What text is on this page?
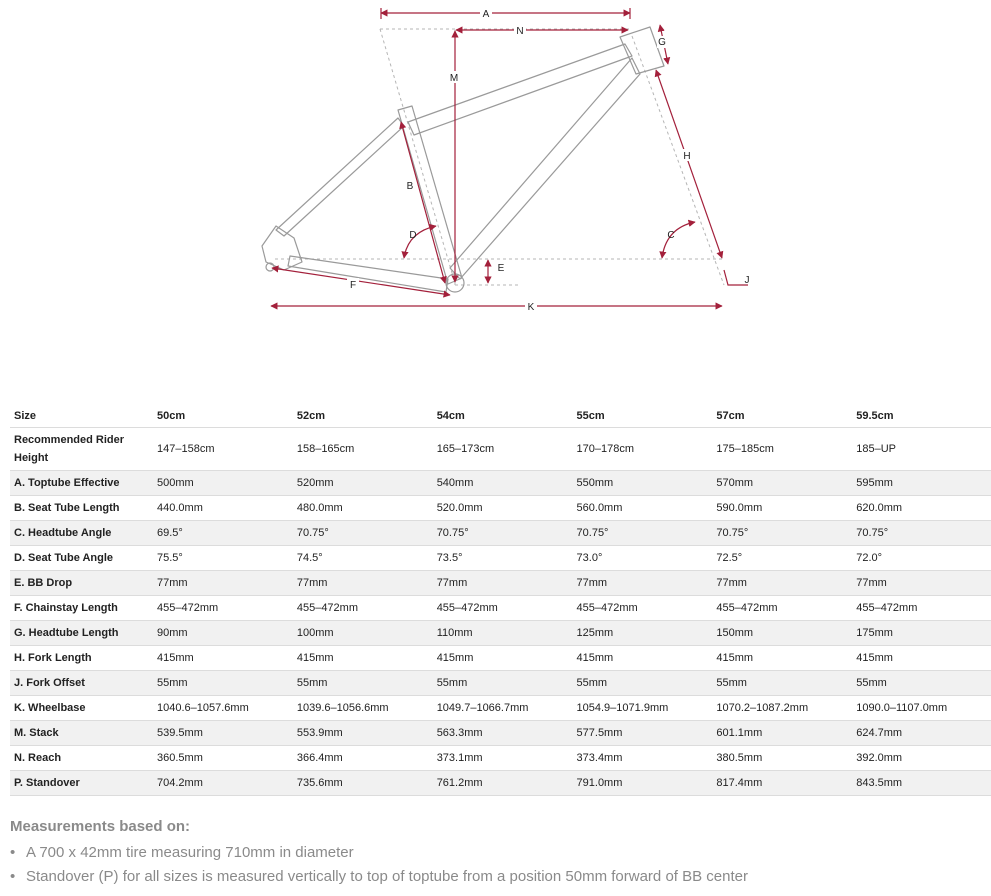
A
N
M
G
H
B
D	C
E
J
F
K
Size	50cm	52cm	54cm	55cm	57cm	59.5cm
Recommended Rider Height	147–158cm	158–165cm	165–173cm	170–178cm	175–185cm	185–UP
A. Toptube Effective	500mm	520mm	540mm	550mm	570mm	595mm
B. Seat Tube Length	440.0mm	480.0mm	520.0mm	560.0mm	590.0mm	620.0mm
C. Headtube Angle	69.5°	70.75°	70.75°	70.75°	70.75°	70.75°
D. Seat Tube Angle	75.5°	74.5°	73.5°	73.0°	72.5°	72.0°
E. BB Drop	77mm	77mm	77mm	77mm	77mm	77mm
F. Chainstay Length	455–472mm	455–472mm	455–472mm	455–472mm	455–472mm	455–472mm
G. Headtube Length	90mm	100mm	110mm	125mm	150mm	175mm
H. Fork Length	415mm	415mm	415mm	415mm	415mm	415mm
J. Fork Offset	55mm	55mm	55mm	55mm	55mm	55mm
K. Wheelbase	1040.6–1057.6mm	1039.6–1056.6mm	1049.7–1066.7mm	1054.9–1071.9mm	1070.2–1087.2mm	1090.0–1107.0mm
M. Stack	539.5mm	553.9mm	563.3mm	577.5mm	601.1mm	624.7mm
N. Reach	360.5mm	366.4mm	373.1mm	373.4mm	380.5mm	392.0mm
P. Standover	704.2mm	735.6mm	761.2mm	791.0mm	817.4mm	843.5mm
Measurements based on:
• A 700 x 42mm tire measuring 710mm in diameter
• Standover (P) for all sizes is measured vertically to top of toptube from a position 50mm forward of BB center
